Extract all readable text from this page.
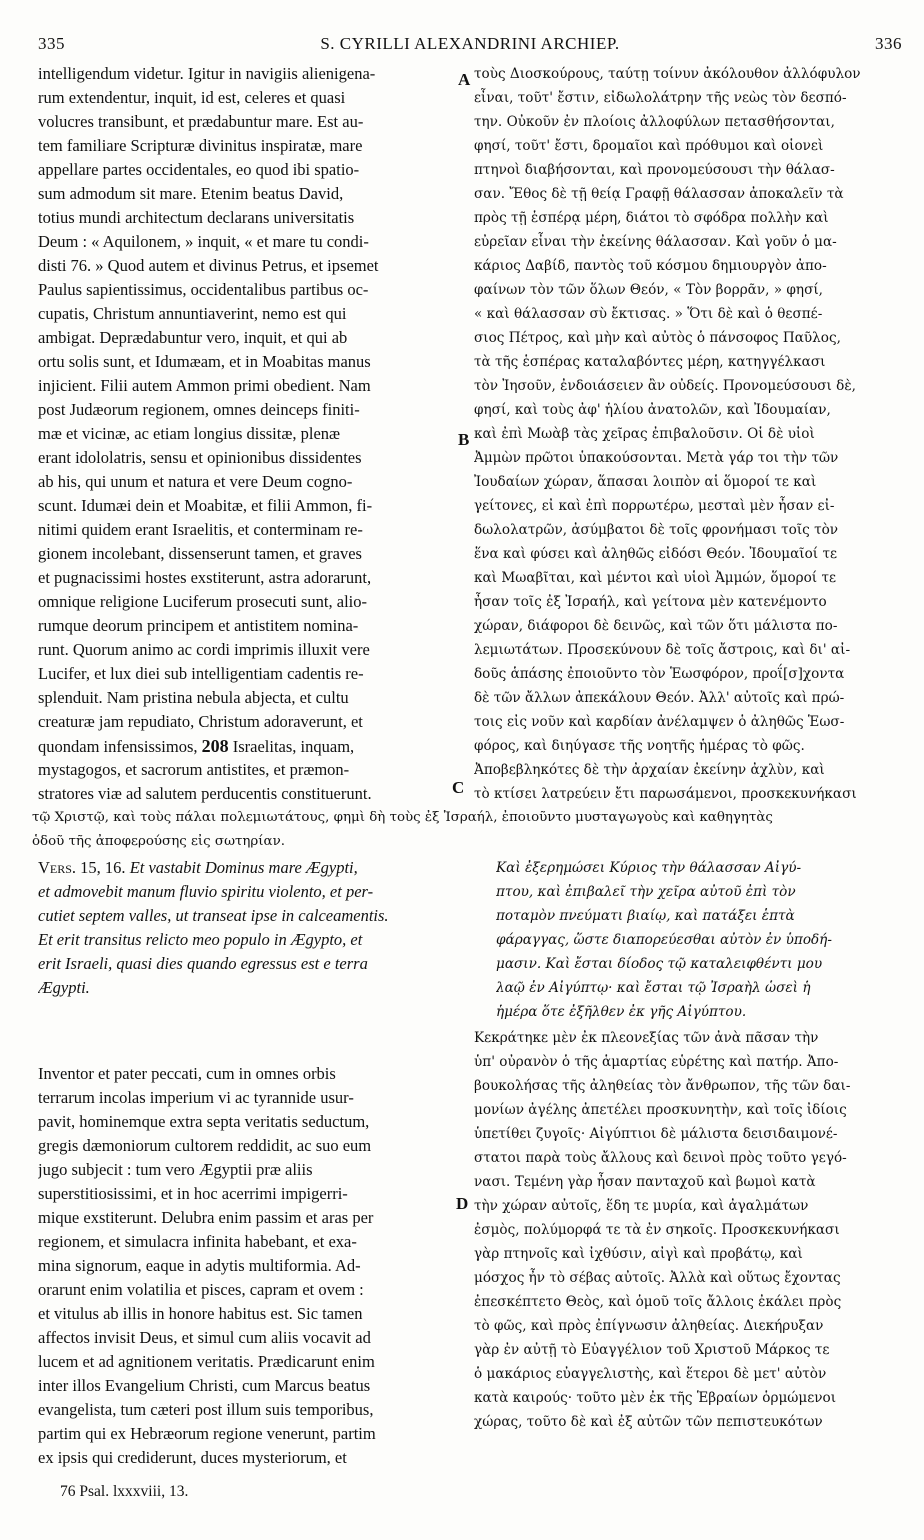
335	S. CYRILLI ALEXANDRINI ARCHIEP.	336
intelligendum videtur. Igitur in navigiis alienigena-
rum extendentur, inquit, id est, celeres et quasi
volucres transibunt, et prædabuntur mare. Est au-
tem familiare Scripturæ divinitus inspiratæ, mare
appellare partes occidentales, eo quod ibi spatio-
sum admodum sit mare. Etenim beatus David,
totius mundi architectum declarans universitatis
Deum : « Aquilonem, » inquit, « et mare tu condi-
disti 76. » Quod autem et divinus Petrus, et ipsemet
Paulus sapientissimus, occidentalibus partibus oc-
cupatis, Christum annuntiaverint, nemo est qui
ambigat. Deprædabuntur vero, inquit, et qui ab
ortu solis sunt, et Idumæam, et in Moabitas manus
injicient. Filii autem Ammon primi obedient. Nam
post Judæorum regionem, omnes deinceps finiti-
mæ et vicinæ, ac etiam longius dissitæ, plenæ
erant idololatris, sensu et opinionibus dissidentes
ab his, qui unum et natura et vere Deum cogno-
scunt. Idumæi dein et Moabitæ, et filii Ammon, fi-
nitimi quidem erant Israelitis, et conterminam re-
gionem incolebant, dissenserunt tamen, et graves
et pugnacissimi hostes exstiterunt, astra adorarunt,
omnique religione Luciferum prosecuti sunt, alio-
rumque deorum principem et antistitem nomina-
runt. Quorum animo ac cordi imprimis illuxit vere
Lucifer, et lux diei sub intelligentiam cadentis re-
splenduit. Nam pristina nebula abjecta, et cultu
creaturæ jam repudiato, Christum adoraverunt, et
quondam infensissimos, 208 Israelitas, inquam,
mystagogos, et sacrorum antistites, et præmon-
stratores viæ ad salutem perducentis constituerunt.
τοὺς Διοσκούρους, ταύτῃ τοίνυν ἀκόλουθον ἀλλόφυλον
εἶναι, τοῦτ' ἔστιν, εἰδωλολάτρην τῆς νεὼς τὸν δεσπό-
την. Οὐκοῦν ἐν πλοίοις ἀλλοφύλων πετασθήσονται,
φησί, τοῦτ' ἔστι, δρομαῖοι καὶ πρόθυμοι καὶ οἱονεὶ
πτηνοὶ διαβήσονται, καὶ προνομεύσουσι τὴν θάλασ-
σαν. Ἔθος δὲ τῇ θείᾳ Γραφῇ θάλασσαν ἀποκαλεῖν τὰ
πρὸς τῇ ἑσπέρᾳ μέρη, διάτοι τὸ σφόδρα πολλὴν καὶ
εὐρεῖαν εἶναι τὴν ἐκείνης θάλασσαν. Καὶ γοῦν ὁ μα-
κάριος Δαβίδ, παντὸς τοῦ κόσμου δημιουργὸν ἀπο-
φαίνων τὸν τῶν ὅλων Θεόν, « Τὸν βορρᾶν, » φησί,
« καὶ θάλασσαν σὺ ἔκτισας. » Ὅτι δὲ καὶ ὁ θεσπέ-
σιος Πέτρος, καὶ μὴν καὶ αὐτὸς ὁ πάνσοφος Παῦλος,
τὰ τῆς ἑσπέρας καταλαβόντες μέρη, κατηγγέλκασι
τὸν Ἰησοῦν, ἐνδοιάσειεν ἂν οὐδείς. Προνομεύσουσι δὲ,
φησί, καὶ τοὺς ἀφ' ἡλίου ἀνατολῶν, καὶ Ἰδουμαίαν,
καὶ ἐπὶ Μωὰβ τὰς χεῖρας ἐπιβαλοῦσιν. Οἱ δὲ υἱοὶ
Ἀμμὼν πρῶτοι ὑπακούσονται. Μετὰ γάρ τοι τὴν τῶν
Ἰουδαίων χώραν, ἅπασαι λοιπὸν αἱ ὅμοροί τε καὶ
γείτονες, εἰ καὶ ἐπὶ πορρωτέρω, μεσταὶ μὲν ἦσαν εἰ-
δωλολατρῶν, ἀσύμβατοι δὲ τοῖς φρονήμασι τοῖς τὸν
ἕνα καὶ φύσει καὶ ἀληθῶς εἰδόσι Θεόν. Ἰδουμαῖοί τε
καὶ Μωαβῖται, καὶ μέντοι καὶ υἱοὶ Ἀμμών, ὅμοροί τε
ἦσαν τοῖς ἐξ Ἰσραήλ, καὶ γείτονα μὲν κατενέμοντο
χώραν, διάφοροι δὲ δεινῶς, καὶ τῶν ὅτι μάλιστα πο-
λεμιωτάτων. Προσεκύνουν δὲ τοῖς ἄστροις, καὶ δι' αἰ-
δοῦς ἁπάσης ἐποιοῦντο τὸν Ἑωσφόρον, προΐ[σ]χοντα
δὲ τῶν ἄλλων ἀπεκάλουν Θεόν. Ἀλλ' αὐτοῖς καὶ πρώ-
τοις εἰς νοῦν καὶ καρδίαν ἀνέλαμψεν ὁ ἀληθῶς Ἑωσ-
φόρος, καὶ διηύγασε τῆς νοητῆς ἡμέρας τὸ φῶς.
Ἀποβεβληκότες δὲ τὴν ἀρχαίαν ἐκείνην ἀχλὺν, καὶ
τὸ κτίσει λατρεύειν ἔτι παρωσάμενοι, προσκεκυνήκασι
τῷ Χριστῷ, καὶ τοὺς πάλαι πολεμιωτάτους, φημὶ δὴ τοὺς ἐξ Ἰσραήλ, ἐποιοῦντο μυσταγωγοὺς καὶ καθηγητὰς
ὁδοῦ τῆς ἀποφερούσης εἰς σωτηρίαν.
Vers. 15, 16. Et vastabit Dominus mare Ægypti,
et admovebit manum fluvio spiritu violento, et per-
cutiet septem valles, ut transeat ipse in calceamentis.
Et erit transitus relicto meo populo in Ægypto, et
erit Israeli, quasi dies quando egressus est e terra
Ægypti.
Καὶ ἐξερημώσει Κύριος τὴν θάλασσαν Αἰγύ-
πτου, καὶ ἐπιβαλεῖ τὴν χεῖρα αὐτοῦ ἐπὶ τὸν
ποταμὸν πνεύματι βιαίῳ, καὶ πατάξει ἑπτὰ
φάραγγας, ὥστε διαπορεύεσθαι αὐτὸν ἐν ὑποδή-
μασιν. Καὶ ἔσται δίοδος τῷ καταλειφθέντι μου
λαῷ ἐν Αἰγύπτῳ· καὶ ἔσται τῷ Ἰσραὴλ ὡσεὶ ἡ
ἡμέρα ὅτε ἐξῆλθεν ἐκ γῆς Αἰγύπτου.
Inventor et pater peccati, cum in omnes orbis
terrarum incolas imperium vi ac tyrannide usur-
pavit, hominemque extra septa veritatis seductum,
gregis dæmoniorum cultorem reddidit, ac suo eum
jugo subjecit : tum vero Ægyptii præ aliis
superstitiosissimi, et in hoc acerrimi impigerri-
mique exstiterunt. Delubra enim passim et aras per
regionem, et simulacra infinita habebant, et exa-
mina signorum, eaque in adytis multiformia. Ad-
orarunt enim volatilia et pisces, capram et ovem :
et vitulus ab illis in honore habitus est. Sic tamen
affectos invisit Deus, et simul cum aliis vocavit ad
lucem et ad agnitionem veritatis. Prædicarunt enim
inter illos Evangelium Christi, cum Marcus beatus
evangelista, tum cæteri post illum suis temporibus,
partim qui ex Hebræorum regione venerunt, partim
ex ipsis qui crediderunt, duces mysteriorum, et
Κεκράτηκε μὲν ἐκ πλεονεξίας τῶν ἀνὰ πᾶσαν τὴν
ὑπ' οὐρανὸν ὁ τῆς ἁμαρτίας εὑρέτης καὶ πατήρ. Ἀπο-
βουκολήσας τῆς ἀληθείας τὸν ἄνθρωπον, τῆς τῶν δαι-
μονίων ἀγέλης ἀπετέλει προσκυνητὴν, καὶ τοῖς ἰδίοις
ὑπετίθει ζυγοῖς· Αἰγύπτιοι δὲ μάλιστα δεισιδαιμονέ-
στατοι παρὰ τοὺς ἄλλους καὶ δεινοὶ πρὸς τοῦτο γεγό-
νασι. Τεμένη γὰρ ἦσαν πανταχοῦ καὶ βωμοὶ κατὰ
τὴν χώραν αὐτοῖς, ἕδη τε μυρία, καὶ ἀγαλμάτων
ἐσμὸς, πολύμορφά τε τὰ ἐν σηκοῖς. Προσκεκυνήκασι
γὰρ πτηνοῖς καὶ ἰχθύσιν, αἰγὶ καὶ προβάτῳ, καὶ
μόσχος ἦν τὸ σέβας αὐτοῖς. Ἀλλὰ καὶ οὕτως ἔχοντας
ἐπεσκέπτετο Θεὸς, καὶ ὁμοῦ τοῖς ἄλλοις ἐκάλει πρὸς
τὸ φῶς, καὶ πρὸς ἐπίγνωσιν ἀληθείας. Διεκήρυξαν
γὰρ ἐν αὐτῇ τὸ Εὐαγγέλιον τοῦ Χριστοῦ Μάρκος τε
ὁ μακάριος εὐαγγελιστὴς, καὶ ἕτεροι δὲ μετ' αὐτὸν
κατὰ καιρούς· τοῦτο μὲν ἐκ τῆς Ἑβραίων ὁρμώμενοι
χώρας, τοῦτο δὲ καὶ ἐξ αὐτῶν τῶν πεπιστευκότων
A
B
C
D
76 Psal. lxxxviii, 13.
